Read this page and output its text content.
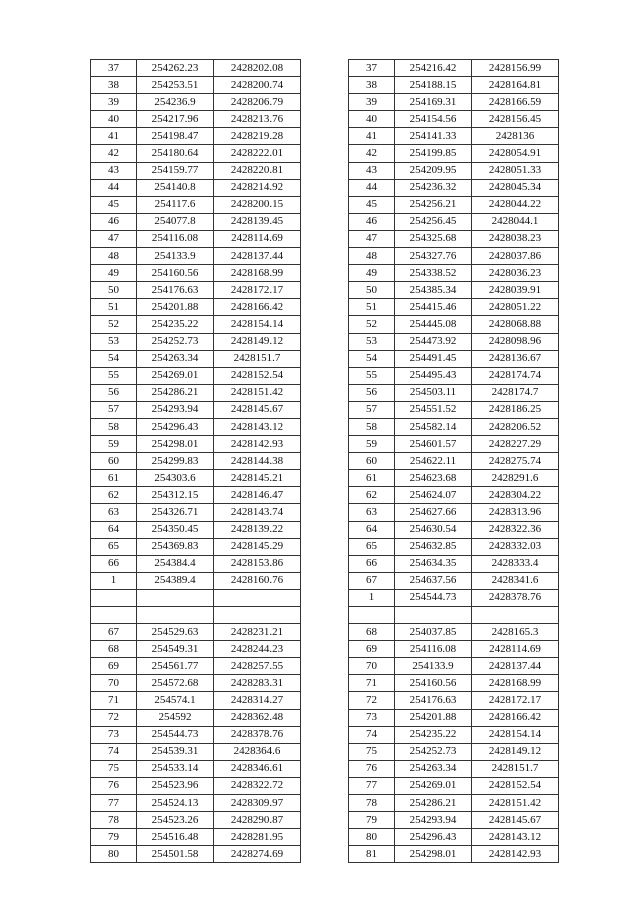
37	254262.23	2428202.08
38	254253.51	2428200.74
39	254236.9	2428206.79
40	254217.96	2428213.76
41	254198.47	2428219.28
42	254180.64	2428222.01
43	254159.77	2428220.81
44	254140.8	2428214.92
45	254117.6	2428200.15
46	254077.8	2428139.45
47	254116.08	2428114.69
48	254133.9	2428137.44
49	254160.56	2428168.99
50	254176.63	2428172.17
51	254201.88	2428166.42
52	254235.22	2428154.14
53	254252.73	2428149.12
54	254263.34	2428151.7
55	254269.01	2428152.54
56	254286.21	2428151.42
57	254293.94	2428145.67
58	254296.43	2428143.12
59	254298.01	2428142.93
60	254299.83	2428144.38
61	254303.6	2428145.21
62	254312.15	2428146.47
63	254326.71	2428143.74
64	254350.45	2428139.22
65	254369.83	2428145.29
66	254384.4	2428153.86
1	254389.4	2428160.76

67	254529.63	2428231.21
68	254549.31	2428244.23
69	254561.77	2428257.55
70	254572.68	2428283.31
71	254574.1	2428314.27
72	254592	2428362.48
73	254544.73	2428378.76
74	254539.31	2428364.6
75	254533.14	2428346.61
76	254523.96	2428322.72
77	254524.13	2428309.97
78	254523.26	2428290.87
79	254516.48	2428281.95
80	254501.58	2428274.69
37	254216.42	2428156.99
38	254188.15	2428164.81
39	254169.31	2428166.59
40	254154.56	2428156.45
41	254141.33	2428136
42	254199.85	2428054.91
43	254209.95	2428051.33
44	254236.32	2428045.34
45	254256.21	2428044.22
46	254256.45	2428044.1
47	254325.68	2428038.23
48	254327.76	2428037.86
49	254338.52	2428036.23
50	254385.34	2428039.91
51	254415.46	2428051.22
52	254445.08	2428068.88
53	254473.92	2428098.96
54	254491.45	2428136.67
55	254495.43	2428174.74
56	254503.11	2428174.7
57	254551.52	2428186.25
58	254582.14	2428206.52
59	254601.57	2428227.29
60	254622.11	2428275.74
61	254623.68	2428291.6
62	254624.07	2428304.22
63	254627.66	2428313.96
64	254630.54	2428322.36
65	254632.85	2428332.03
66	254634.35	2428333.4
67	254637.56	2428341.6
1	254544.73	2428378.76

68	254037.85	2428165.3
69	254116.08	2428114.69
70	254133.9	2428137.44
71	254160.56	2428168.99
72	254176.63	2428172.17
73	254201.88	2428166.42
74	254235.22	2428154.14
75	254252.73	2428149.12
76	254263.34	2428151.7
77	254269.01	2428152.54
78	254286.21	2428151.42
79	254293.94	2428145.67
80	254296.43	2428143.12
81	254298.01	2428142.93
